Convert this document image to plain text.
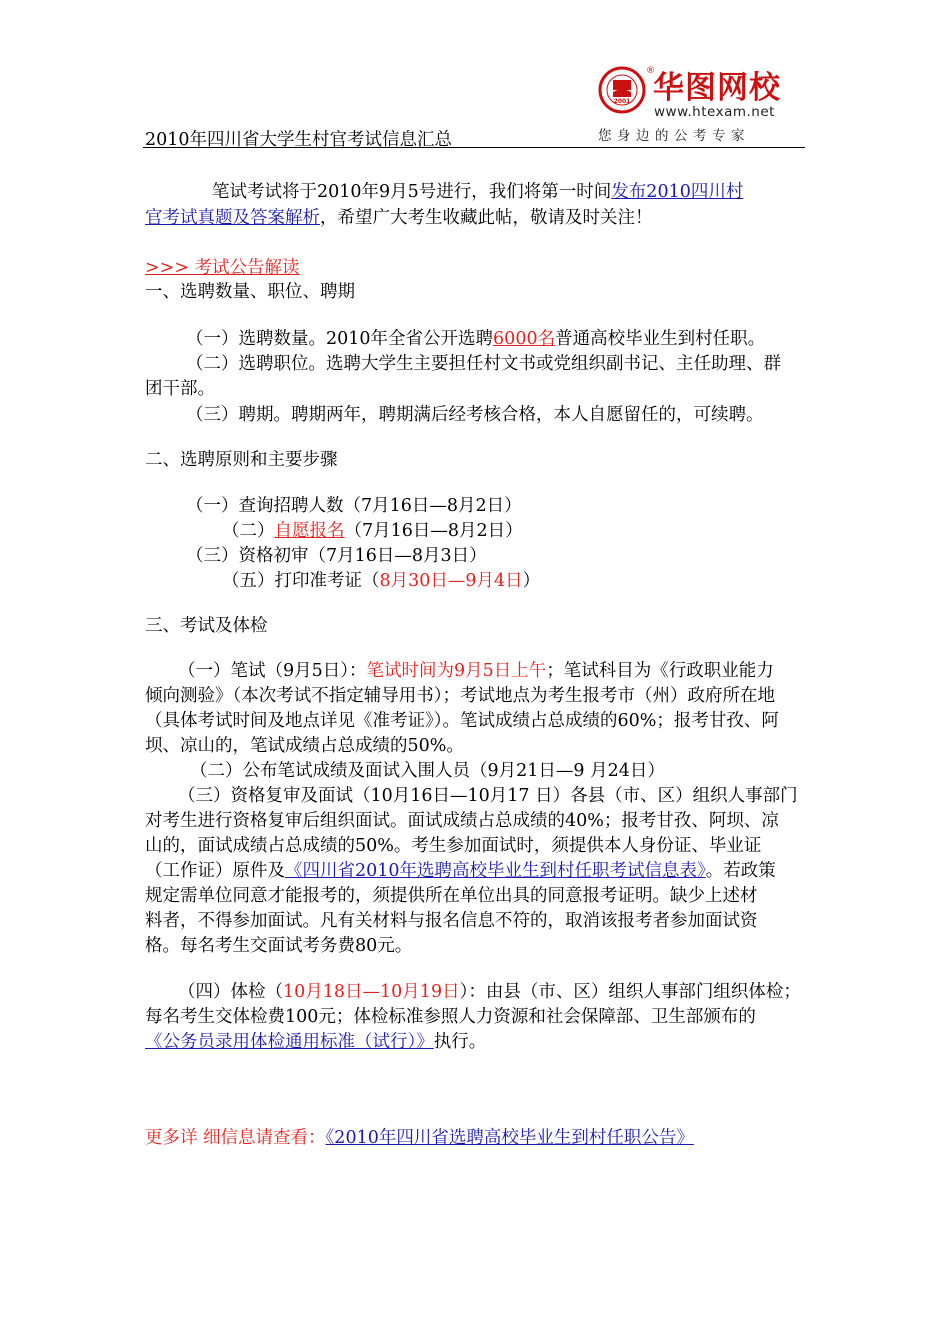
2001
®
华图网校
www.htexam.net
您身边的公考专家
2010年四川省大学生村官考试信息汇总
笔试考试将于2010年9月5号进行，我们将第一时间发布2010四川村
官考试真题及答案解析，希望广大考生收藏此帖，敬请及时关注！
>>> 考试公告解读
一、选聘数量、职位、聘期
（一）选聘数量。2010年全省公开选聘6000名普通高校毕业生到村任职。
（二）选聘职位。选聘大学生主要担任村文书或党组织副书记、主任助理、群
团干部。
（三）聘期。聘期两年，聘期满后经考核合格，本人自愿留任的，可续聘。
二、选聘原则和主要步骤
（一）查询招聘人数（7月16日—8月2日）
（二）自愿报名（7月16日—8月2日）
（三）资格初审（7月16日—8月3日）
（五）打印准考证（8月30日—9月4日）
三、考试及体检
（一）笔试（9月5日）：笔试时间为9月5日上午；笔试科目为《行政职业能力
倾向测验》（本次考试不指定辅导用书）；考试地点为考生报考市（州）政府所在地
（具体考试时间及地点详见《准考证》）。笔试成绩占总成绩的60%；报考甘孜、阿
坝、凉山的，笔试成绩占总成绩的50%。
（二）公布笔试成绩及面试入围人员（9月21日—9 月24日）
（三）资格复审及面试（10月16日—10月17 日）各县（市、区）组织人事部门
对考生进行资格复审后组织面试。面试成绩占总成绩的40%；报考甘孜、阿坝、凉
山的，面试成绩占总成绩的50%。考生参加面试时，须提供本人身份证、毕业证
（工作证）原件及《四川省2010年选聘高校毕业生到村任职考试信息表》。若政策
规定需单位同意才能报考的，须提供所在单位出具的同意报考证明。缺少上述材
料者，不得参加面试。凡有关材料与报名信息不符的，取消该报考者参加面试资
格。每名考生交面试考务费80元。
（四）体检（10月18日—10月19日）：由县（市、区）组织人事部门组织体检；
每名考生交体检费100元；体检标准参照人力资源和社会保障部、卫生部颁布的
《公务员录用体检通用标准（试行）》执行。
更多详 细信息请查看：《2010年四川省选聘高校毕业生到村任职公告》
